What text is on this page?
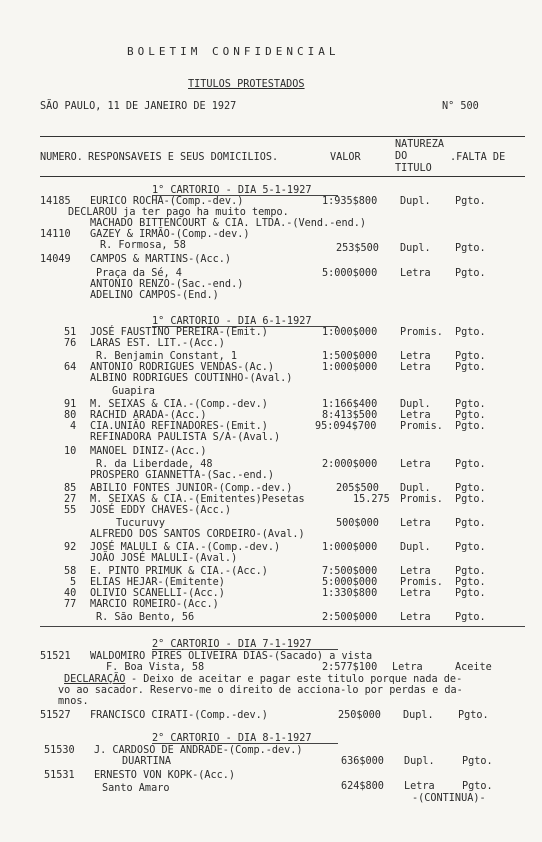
BOLETIM CONFIDENCIAL
TITULOS PROTESTADOS
SÃO PAULO, 11 DE JANEIRO DE 1927	N° 500
NUMERO. RESPONSAVEIS E SEUS DOMICILIOS.	VALOR
NATUREZA
DO
TITULO
.FALTA DE
1° CARTORIO - DIA 5-1-1927
14185 EURICO ROCHA-(Comp.-dev.)	1:935$800 Dupl. Pgto.
DECLAROU ja ter pago ha muito tempo.
MACHADO BITTENCOURT & CIA. LTDA.-(Vend.-end.)
14110 GAZEY & IRMÃO-(Comp.-dev.)
R. Formosa, 58	253$500 Dupl. Pgto.
14049 CAMPOS & MARTINS-(Acc.)
Praça da Sé, 4	5:000$000 Letra Pgto.
ANTONIO RENZO-(Sac.-end.)
ADELINO CAMPOS-(End.)
1° CARTORIO - DIA 6-1-1927
51 JOSÉ FAUSTINO PEREIRA-(Emit.)	1:000$000 Promis. Pgto.
76 LARAS EST. LIT.-(Acc.)
R. Benjamin Constant, 1	1:500$000 Letra Pgto.
64 ANTONIO RODRIGUES VENDAS-(Ac.)	1:000$000 Letra Pgto.
ALBINO RODRIGUES COUTINHO-(Aval.)
Guapira
91 M. SEIXAS & CIA.-(Comp.-dev.)	1:166$400 Dupl. Pgto.
80 RACHID ARADA-(Acc.)	8:413$500 Letra Pgto.
4 CIA.UNIÃO REFINADORES-(Emit.)	95:094$700 Promis. Pgto.
REFINADORA PAULISTA S/A-(Aval.)
10 MANOEL DINIZ-(Acc.)
R. da Liberdade, 48	2:000$000 Letra Pgto.
PROSPERO GIANNETTA-(Sac.-end.)
85 ABILIO FONTES JUNIOR-(Comp.-dev.)	205$500 Dupl. Pgto.
27 M. SEIXAS & CIA.-(Emitentes)Pesetas	15.275 Promis. Pgto.
55 JOSÉ EDDY CHAVES-(Acc.)
Tucuruvy	500$000 Letra Pgto.
ALFREDO DOS SANTOS CORDEIRO-(Aval.)
92 JOSÉ MALULI & CIA.-(Comp.-dev.)	1:000$000 Dupl. Pgto.
JOÃO JOSÉ MALULI-(Aval.)
58 E. PINTO PRIMUK & CIA.-(Acc.)	7:500$000 Letra Pgto.
5 ELIAS HEJAR-(Emitente)	5:000$000 Promis. Pgto.
40 OLIVIO SCANELLI-(Acc.)	1:330$800 Letra Pgto.
77 MARCIO ROMEIRO-(Acc.)
R. São Bento, 56	2:500$000 Letra Pgto.
2° CARTORIO - DIA 7-1-1927
51521 WALDOMIRO PIRES OLIVEIRA DIAS-(Sacado) a vista
F. Boa Vista, 58	2:577$100 Letra	Aceite
DECLARAÇÃO - Deixo de aceitar e pagar este titulo porque nada de-
vo ao sacador. Reservo-me o direito de acciona-lo por perdas e da-
mnos.
51527 FRANCISCO CIRATI-(Comp.-dev.)	250$000 Dupl. Pgto.
2° CARTORIO - DIA 8-1-1927
51530 J. CARDOSO DE ANDRADE-(Comp.-dev.)
DUARTINA	636$000 Dupl.	Pgto.
51531 ERNESTO VON KOPK-(Acc.)
Santo Amaro	624$800 Letra	Pgto.
-(CONTINUA)-
